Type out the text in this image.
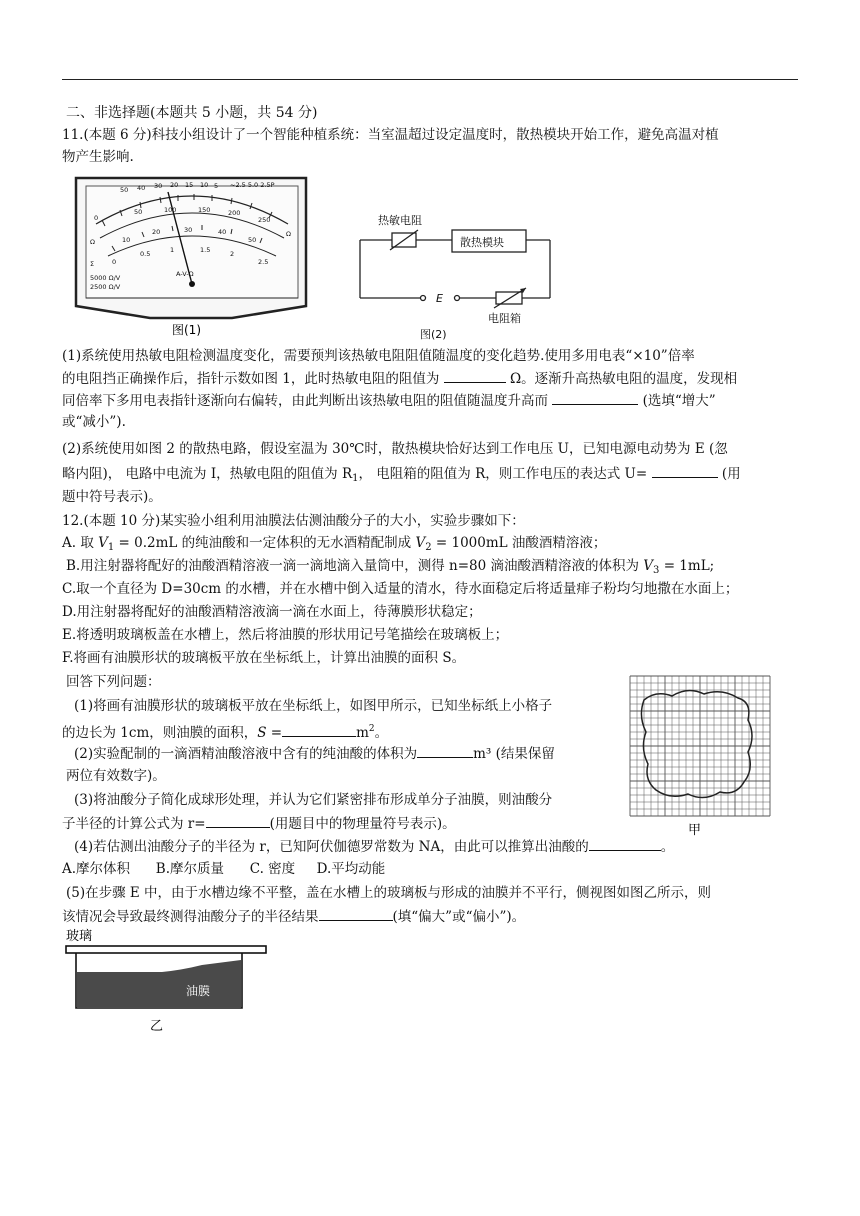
二、非选择题(本题共 5 小题，共 54 分)
11.(本题 6 分)科技小组设计了一个智能种植系统：当室温超过设定温度时，散热模块开始工作，避免高温对植
物产生影响.
50 40 30 20 15 10 5 ~2.5 5.0 2.5P
0
50	100	150	200
250
Ω
10
20	30	40
50
0
0.5	1	1.5	2
2.5
Ω
Σ
A-V-Ω
5000 Ω/V
2500 Ω/V
图(1)
热敏电阻
散热模块
E
电阻箱
图(2)
(1)系统使用热敏电阻检测温度变化，需要预判该热敏电阻阻值随温度的变化趋势.使用多用电表“×10”倍率
的电阻挡正确操作后，指针示数如图 1，此时热敏电阻的阻值为	Ω。逐渐升高热敏电阻的温度，发现相
同倍率下多用电表指针逐渐向右偏转，由此判断出该热敏电阻的阻值随温度升高而	(选填“增大”
或“减小”).
(2)系统使用如图 2 的散热电路，假设室温为 30℃时，散热模块恰好达到工作电压 U，已知电源电动势为 E (忽
略内阻)， 电路中电流为 I，热敏电阻的阻值为 $R_1$， 电阻箱的阻值为 R，则工作电压的表达式 U=	(用
题中符号表示)。
12.(本题 10 分)某实验小组利用油膜法估测油酸分子的大小，实验步骤如下：
A. 取 $V_1 = 0.2mL$ 的纯油酸和一定体积的无水酒精配制成 $V_2 = 1000mL$ 油酸酒精溶液；
B.用注射器将配好的油酸酒精溶液一滴一滴地滴入量筒中，测得 n=80 滴油酸酒精溶液的体积为 $V_3 = 1mL$;
C.取一个直径为 D=30cm 的水槽，并在水槽中倒入适量的清水，待水面稳定后将适量痱子粉均匀地撒在水面上；
D.用注射器将配好的油酸酒精溶液滴一滴在水面上，待薄膜形状稳定；
E.将透明玻璃板盖在水槽上，然后将油膜的形状用记号笔描绘在玻璃板上；
F.将画有油膜形状的玻璃板平放在坐标纸上，计算出油膜的面积 S。
回答下列问题：
(1)将画有油膜形状的玻璃板平放在坐标纸上，如图甲所示，已知坐标纸上小格子
的边长为 1cm，则油膜的面积，S =	$m^2$。
(2)实验配制的一滴酒精油酸溶液中含有的纯油酸的体积为	m³ (结果保留
两位有效数字)。
(3)将油酸分子简化成球形处理，并认为它们紧密排布形成单分子油膜，则油酸分
子半径的计算公式为 r=	(用题目中的物理量符号表示)。
(4)若估测出油酸分子的半径为 r，已知阿伏伽德罗常数为 NA，由此可以推算出油酸的	。
A.摩尔体积      B.摩尔质量      C. 密度     D.平均动能
(5)在步骤 E 中，由于水槽边缘不平整，盖在水槽上的玻璃板与形成的油膜并不平行，侧视图如图乙所示，则
该情况会导致最终测得油酸分子的半径结果	(填“偏大”或“偏小”)。
甲
玻璃
油膜
乙
